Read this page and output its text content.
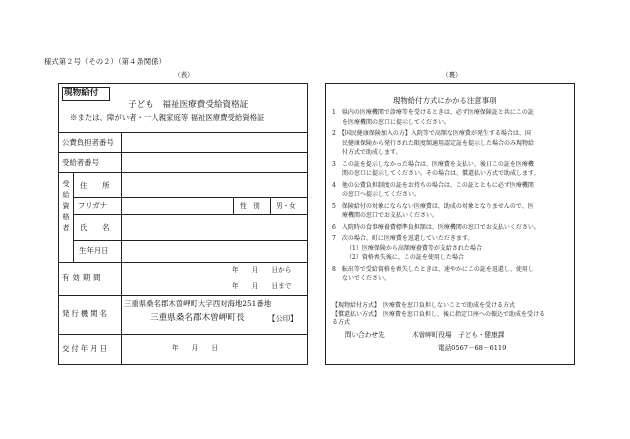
様式第２号（その２）（第４条関係）
（表）
現物給付
子ども　福祉医療費受給資格証
※または、障がい者・一人親家庭等 福祉医療費受給資格証
公費負担者番号
受給者番号
受給資格者 住　　所
フリガナ	性　別 男・女
氏　　名
生年月日
有効期間
年　　月　　日から
年　　月　　日まで
発行機関名
三重県桑名郡木曽岬町大字西対海地251番地
三重県桑名郡木曽岬町長	【公印】
交付年月日	年　　月　　日
（裏）
現物給付方式にかかる注意事項
1　県内の医療機関で診療等を受けるときは、必ず医療保険証と共にこの証
を医療機関の窓口に提示してください。
2　【国民健康保険加入の方】入院等で高額な医療費が発生する場合は、国
民健康保険から発行された限度額適用認定証を提示した場合のみ現物給
付方式で助成します。
3　この証を提示しなかった場合は、医療費を支払い、後日この証を医療機
関の窓口に提示してください。その場合は、償還払い方式で助成します。
4　他の公費負担制度の証をお持ちの場合は、この証とともに必ず医療機関
の窓口へ提示してください。
5　保険給付の対象にならない医療費は、助成の対象となりませんので、医
療機関の窓口でお支払いください。
6　入院時の食事療養費標準負担額は、医療機関の窓口でお支払いください。
7　次の場合、町に医療費を返還していただきます。
（1）医療保険から高額療養費等が支給された場合
（2）資格喪失後に、この証を使用した場合
8　転出等で受給資格を喪失したときは、速やかにこの証を返還し、使用し
ないでください。
【現物給付方式】　医療費を窓口負担しないことで助成を受ける方式
【償還払い方式】　医療費を窓口負担し、後に指定口座への振込で助成を受ける
る方式
問い合わせ先	木曽岬町役場　子ども・健康課
電話0567－68－6119
